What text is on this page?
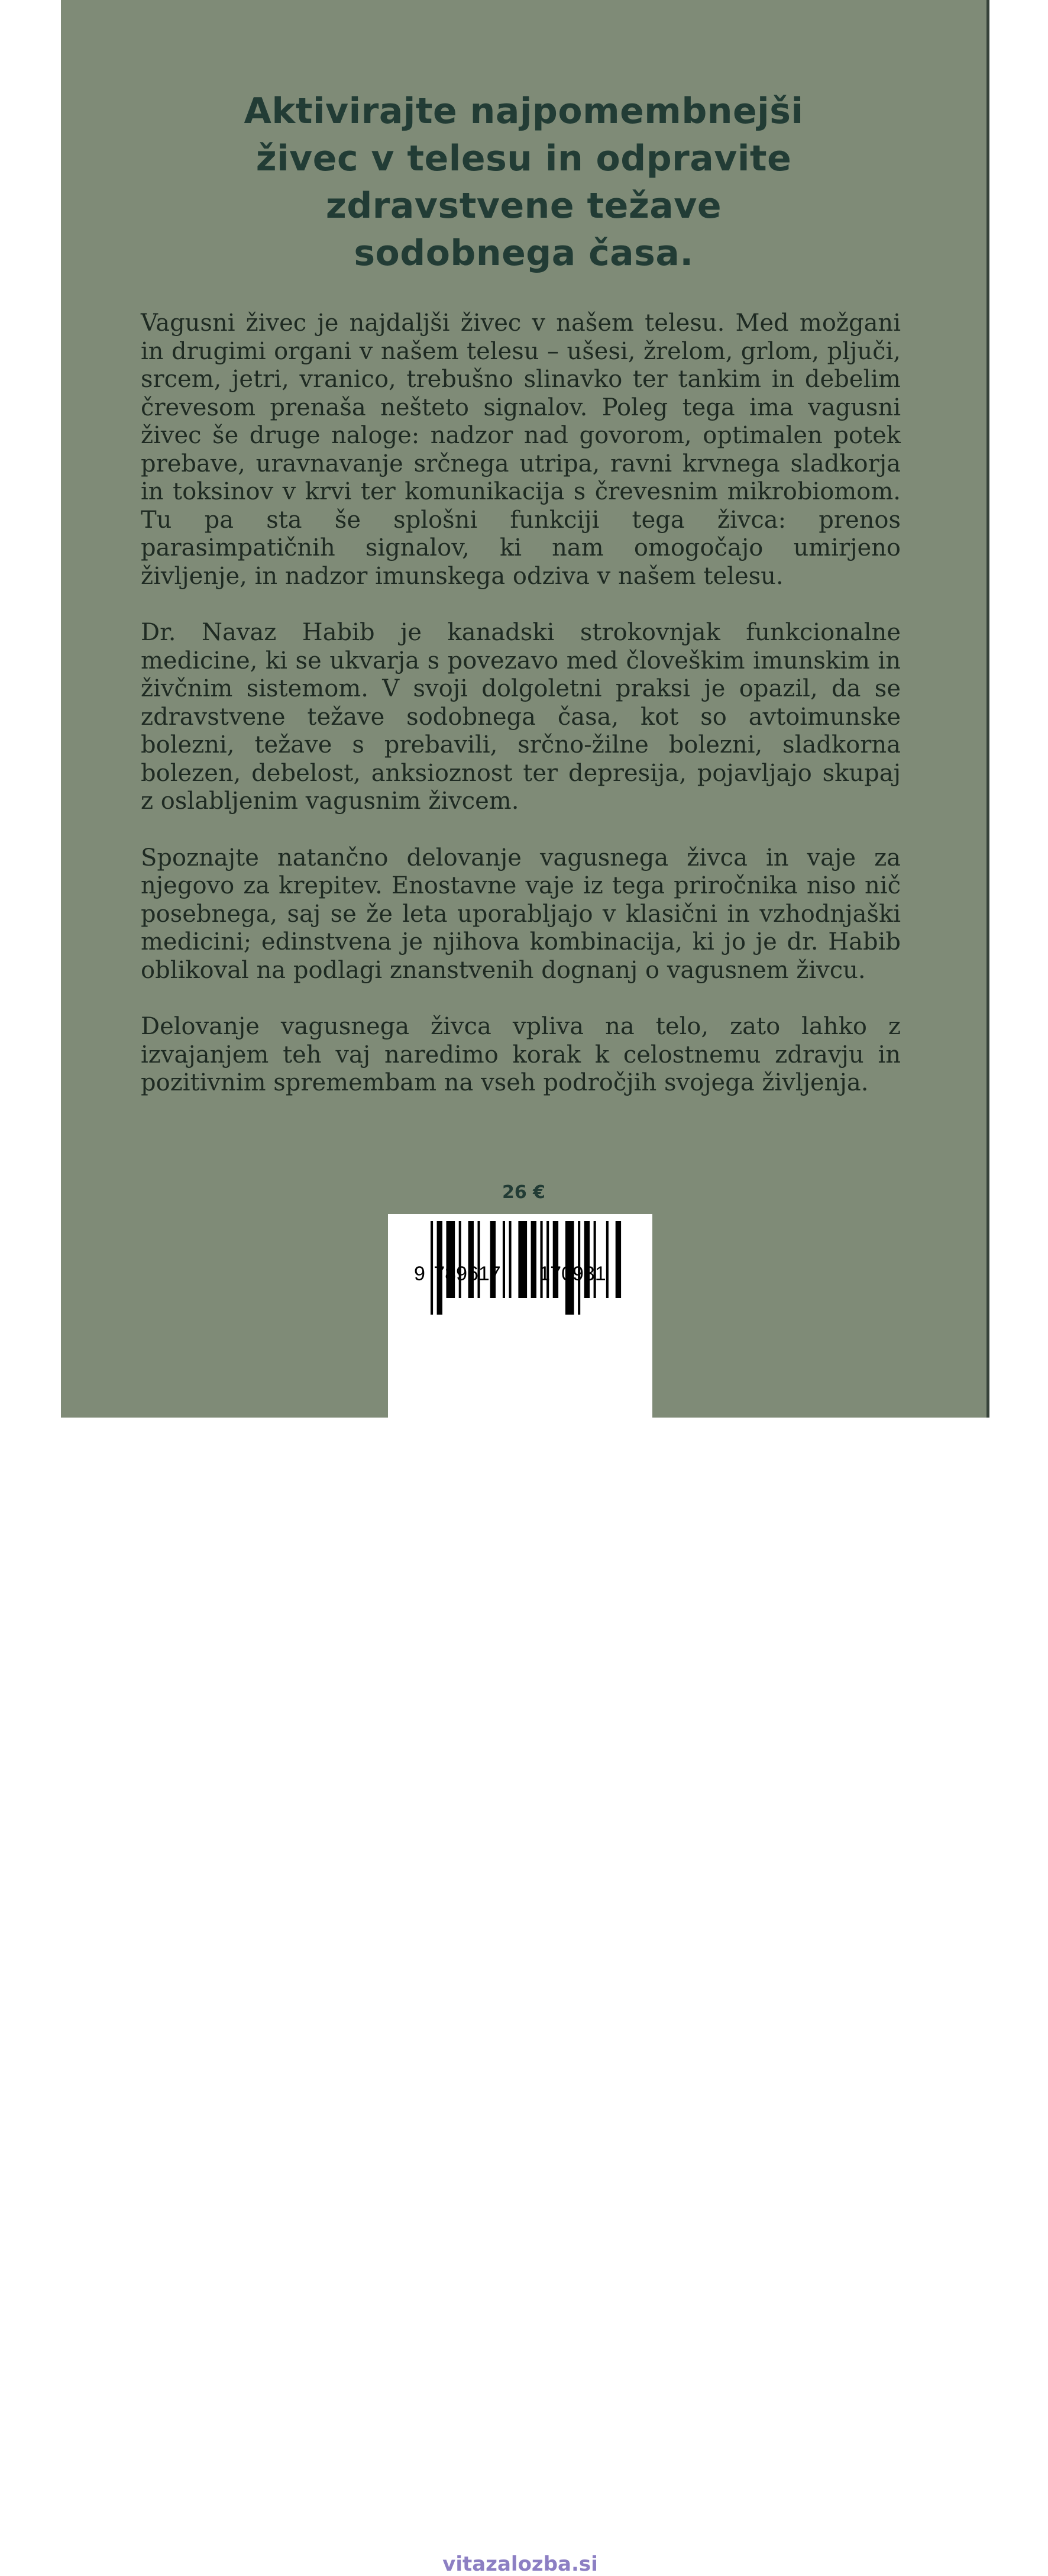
Aktivirajte najpomembnejši
živec v telesu in odpravite
zdravstvene težave
sodobnega časa.

Vagusni živec je najdaljši živec v našem telesu. Med možgani in drugimi organi v našem telesu – ušesi, žrelom, grlom, pljuči, srcem, jetri, vranico, trebušno slinavko ter tankim in debelim črevesom prenaša nešteto signalov. Poleg tega ima vagusni živec še druge naloge: nadzor nad govorom, optimalen potek prebave, uravnavanje srčnega utripa, ravni krvnega sladkorja in toksinov v krvi ter komunikacija s črevesnim mikrobiomom. Tu pa sta še splošni funkciji tega živca: prenos parasimpatičnih signalov, ki nam omogočajo umirjeno življenje, in nadzor imunskega odziva v našem telesu.

Dr. Navaz Habib je kanadski strokovnjak funkcionalne medicine, ki se ukvarja s povezavo med človeškim imunskim in živčnim sistemom. V svoji dolgoletni praksi je opazil, da se zdravstvene težave sodobnega časa, kot so avtoimunske bolezni, težave s prebavili, srčno-žilne bolezni, sladkorna bolezen, debelost, anksioznost ter depresija, pojavljajo skupaj z oslabljenim vagusnim živcem.

Spoznajte natančno delovanje vagusnega živca in vaje za njegovo za krepitev. Enostavne vaje iz tega priročnika niso nič posebnega, saj se že leta uporabljajo v klasični in vzhodnjaški medicini; edinstvena je njihova kombinacija, ki jo je dr. Habib oblikoval na podlagi znanstvenih dognanj o vagusnem živcu.

Delovanje vagusnega živca vpliva na telo, zato lahko z izvajanjem teh vaj naredimo korak k celostnemu zdravju in pozitivnim spremembam na vseh področjih svojega življenja.

26 €
9 789617 170931
vitazalozba.si
